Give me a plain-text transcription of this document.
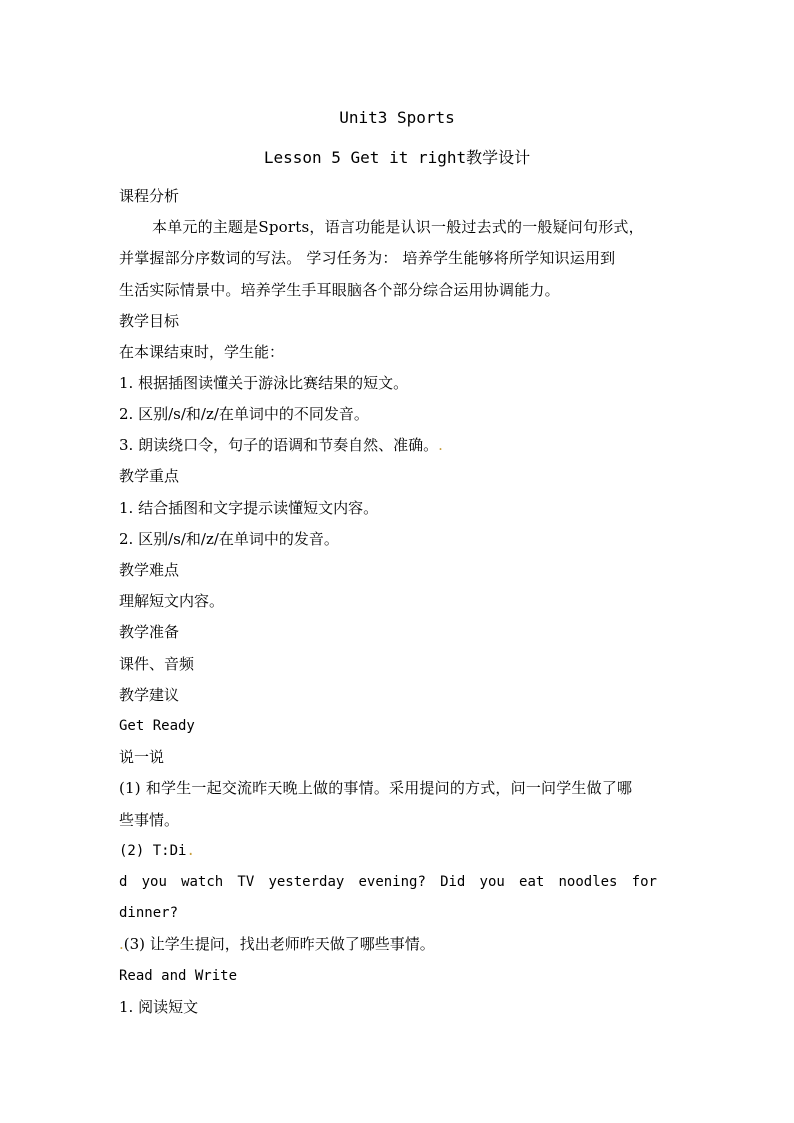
Unit3 Sports
Lesson 5 Get it right教学设计
课程分析
本单元的主题是Sports，语言功能是认识一般过去式的一般疑问句形式，
并掌握部分序数词的写法。 学习任务为： 培养学生能够将所学知识运用到
生活实际情景中。培养学生手耳眼脑各个部分综合运用协调能力。
教学目标
在本课结束时，学生能：
1. 根据插图读懂关于游泳比赛结果的短文。
2. 区别/s/和/z/在单词中的不同发音。
3. 朗读绕口令，句子的语调和节奏自然、准确。.
教学重点
1. 结合插图和文字提示读懂短文内容。
2. 区别/s/和/z/在单词中的发音。
教学难点
理解短文内容。
教学准备
课件、音频
教学建议
Get Ready
说一说
(1) 和学生一起交流昨天晚上做的事情。采用提问的方式，问一问学生做了哪
些事情。
(2) T:Di.
d you watch TV yesterday evening? Did you eat noodles for
dinner?
.(3) 让学生提问，找出老师昨天做了哪些事情。
Read and Write
1. 阅读短文
